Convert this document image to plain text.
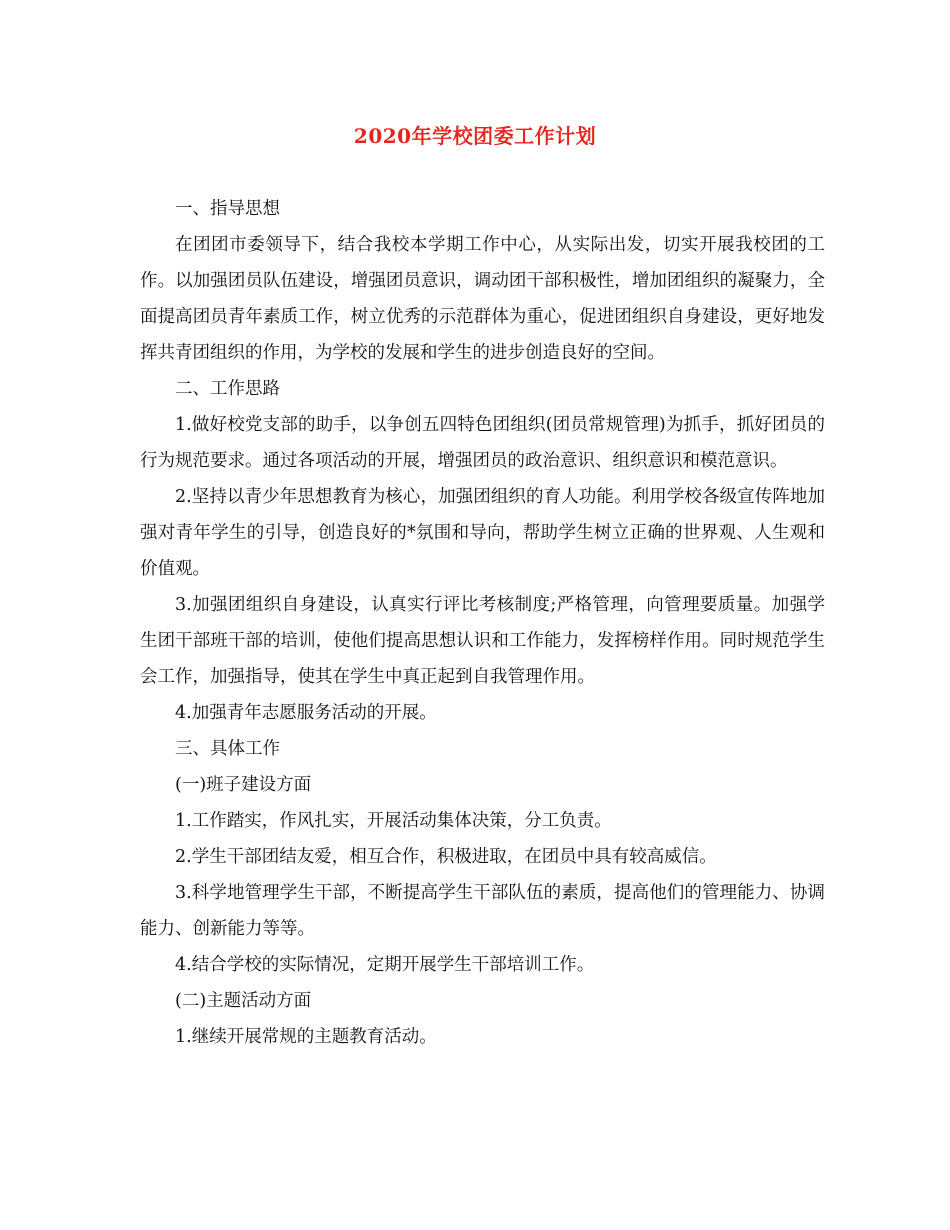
2020年学校团委工作计划

一、指导思想

在团团市委领导下，结合我校本学期工作中心，从实际出发，切实开展我校团的工作。以加强团员队伍建设，增强团员意识，调动团干部积极性，增加团组织的凝聚力，全面提高团员青年素质工作，树立优秀的示范群体为重心，促进团组织自身建设，更好地发挥共青团组织的作用，为学校的发展和学生的进步创造良好的空间。

二、工作思路

1.做好校党支部的助手，以争创五四特色团组织(团员常规管理)为抓手，抓好团员的行为规范要求。通过各项活动的开展，增强团员的政治意识、组织意识和模范意识。

2.坚持以青少年思想教育为核心，加强团组织的育人功能。利用学校各级宣传阵地加强对青年学生的引导，创造良好的*氛围和导向，帮助学生树立正确的世界观、人生观和价值观。

3.加强团组织自身建设，认真实行评比考核制度;严格管理，向管理要质量。加强学生团干部班干部的培训，使他们提高思想认识和工作能力，发挥榜样作用。同时规范学生会工作，加强指导，使其在学生中真正起到自我管理作用。

4.加强青年志愿服务活动的开展。

三、具体工作

(一)班子建设方面

1.工作踏实，作风扎实，开展活动集体决策，分工负责。

2.学生干部团结友爱，相互合作，积极进取，在团员中具有较高威信。

3.科学地管理学生干部，不断提高学生干部队伍的素质，提高他们的管理能力、协调能力、创新能力等等。

4.结合学校的实际情况，定期开展学生干部培训工作。

(二)主题活动方面

1.继续开展常规的主题教育活动。
